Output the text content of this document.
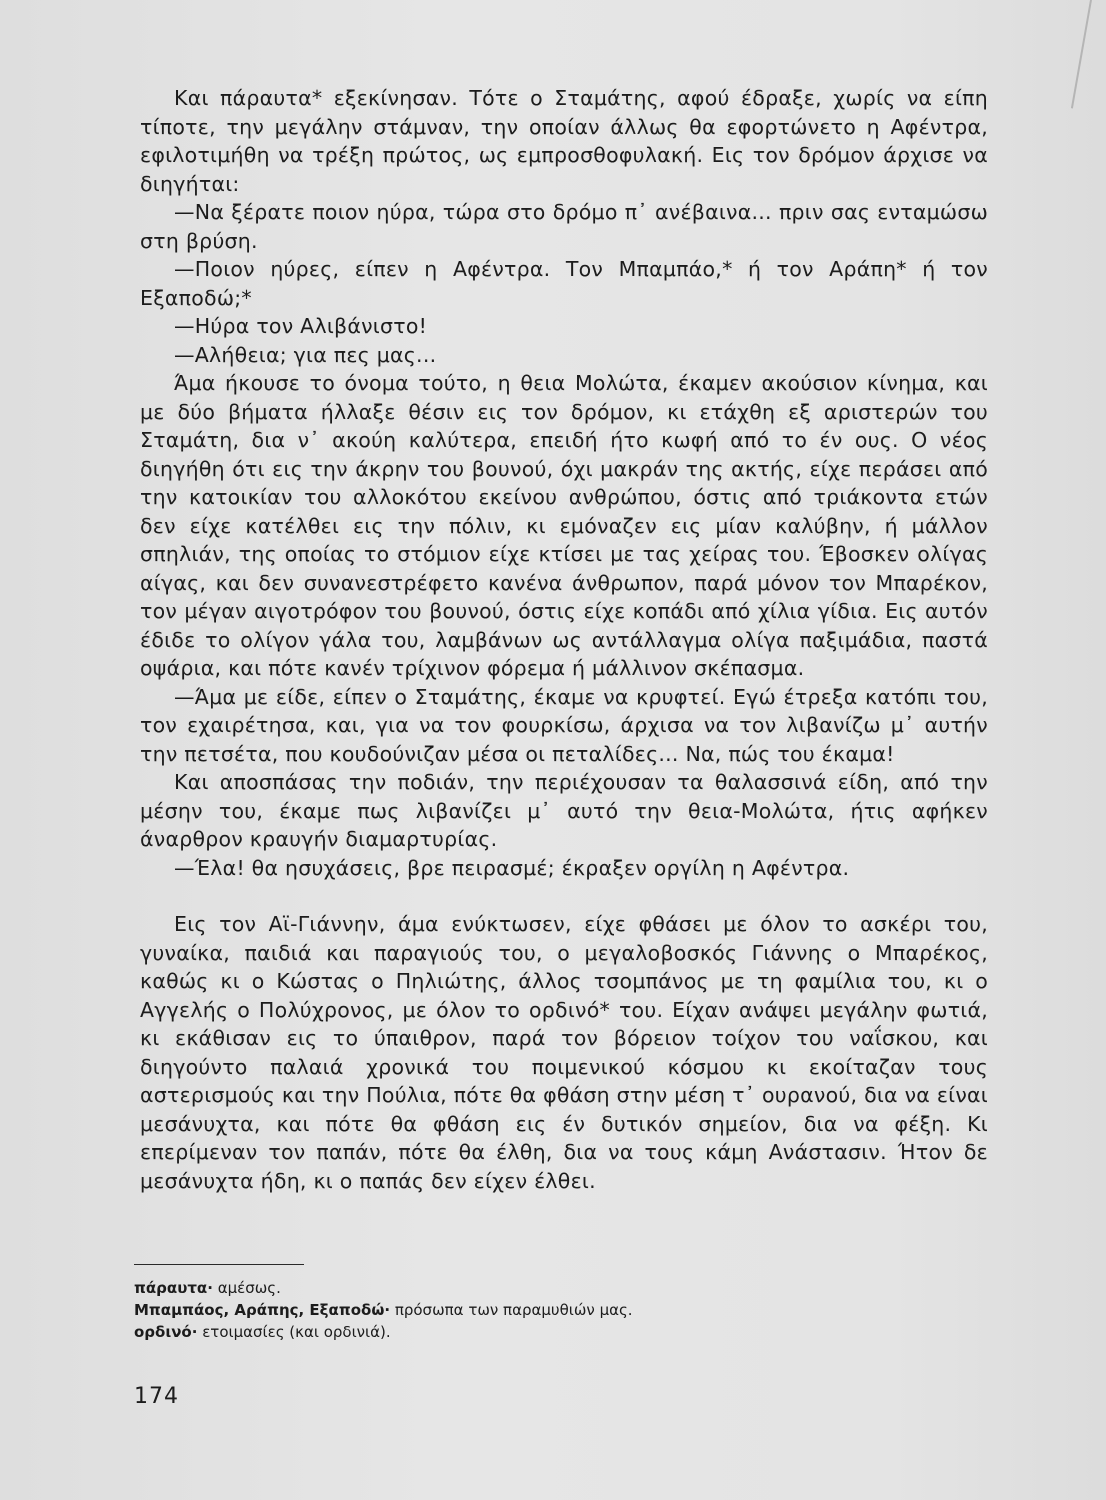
Και πάραυτα* εξεκίνησαν. Τότε ο Σταμάτης, αφού έδραξε, χωρίς να είπη τίποτε, την μεγάλην στάμναν, την οποίαν άλλως θα εφορτώνετο η Αφέντρα, εφιλοτιμήθη να τρέξη πρώτος, ως εμπροσθοφυλακή. Εις τον δρόμον άρχισε να διηγήται:

—Να ξέρατε ποιον ηύρα, τώρα στο δρόμο π᾿ ανέβαινα... πριν σας ενταμώσω στη βρύση.

—Ποιον ηύρες, είπεν η Αφέντρα. Τον Μπαμπάο,* ή τον Αράπη* ή τον Εξαποδώ;*

—Ηύρα τον Αλιβάνιστο!

—Αλήθεια; για πες μας...

Άμα ήκουσε το όνομα τούτο, η θεια Μολώτα, έκαμεν ακούσιον κίνημα, και με δύο βήματα ήλλαξε θέσιν εις τον δρόμον, κι ετάχθη εξ αριστερών του Σταμάτη, δια ν᾿ ακούη καλύτερα, επειδή ήτο κωφή από το έν ους. Ο νέος διηγήθη ότι εις την άκρην του βουνού, όχι μακράν της ακτής, είχε περάσει από την κατοικίαν του αλλοκότου εκείνου ανθρώπου, όστις από τριάκοντα ετών δεν είχε κατέλθει εις την πόλιν, κι εμόναζεν εις μίαν καλύβην, ή μάλλον σπηλιάν, της οποίας το στόμιον είχε κτίσει με τας χείρας του. Έβοσκεν ολίγας αίγας, και δεν συνανεστρέφετο κανένα άνθρωπον, παρά μόνον τον Μπαρέκον, τον μέγαν αιγοτρόφον του βουνού, όστις είχε κοπάδι από χίλια γίδια. Εις αυτόν έδιδε το ολίγον γάλα του, λαμβάνων ως αντάλλαγμα ολίγα παξιμάδια, παστά οψάρια, και πότε κανέν τρίχινον φόρεμα ή μάλλινον σκέπασμα.

—Άμα με είδε, είπεν ο Σταμάτης, έκαμε να κρυφτεί. Εγώ έτρεξα κατόπι του, τον εχαιρέτησα, και, για να τον φουρκίσω, άρχισα να τον λιβανίζω μ᾿ αυτήν την πετσέτα, που κουδούνιζαν μέσα οι πεταλίδες... Να, πώς του έκαμα!

Και αποσπάσας την ποδιάν, την περιέχουσαν τα θαλασσινά είδη, από την μέσην του, έκαμε πως λιβανίζει μ᾿ αυτό την θεια-Μολώτα, ήτις αφήκεν άναρθρον κραυγήν διαμαρτυρίας.

—Έλα! θα ησυχάσεις, βρε πειρασμέ; έκραξεν οργίλη η Αφέντρα.

Εις τον Αϊ-Γιάννην, άμα ενύκτωσεν, είχε φθάσει με όλον το ασκέρι του, γυναίκα, παιδιά και παραγιούς του, ο μεγαλοβοσκός Γιάννης ο Μπαρέκος, καθώς κι ο Κώστας ο Πηλιώτης, άλλος τσομπάνος με τη φαμίλια του, κι ο Αγγελής ο Πολύχρονος, με όλον το ορδινό* του. Είχαν ανάψει μεγάλην φωτιά, κι εκάθισαν εις το ύπαιθρον, παρά τον βόρειον τοίχον του ναΐσκου, και διηγούντο παλαιά χρονικά του ποιμενικού κόσμου κι εκοίταζαν τους αστερισμούς και την Πούλια, πότε θα φθάση στην μέση τ᾿ ουρανού, δια να είναι μεσάνυχτα, και πότε θα φθάση εις έν δυτικόν σημείον, δια να φέξη. Κι επερίμεναν τον παπάν, πότε θα έλθη, δια να τους κάμη Ανάστασιν. Ήτον δε μεσάνυχτα ήδη, κι ο παπάς δεν είχεν έλθει.

πάραυτα· αμέσως.

Μπαμπάος, Αράπης, Εξαποδώ· πρόσωπα των παραμυθιών μας.

ορδινό· ετοιμασίες (και ορδινιά).

174
